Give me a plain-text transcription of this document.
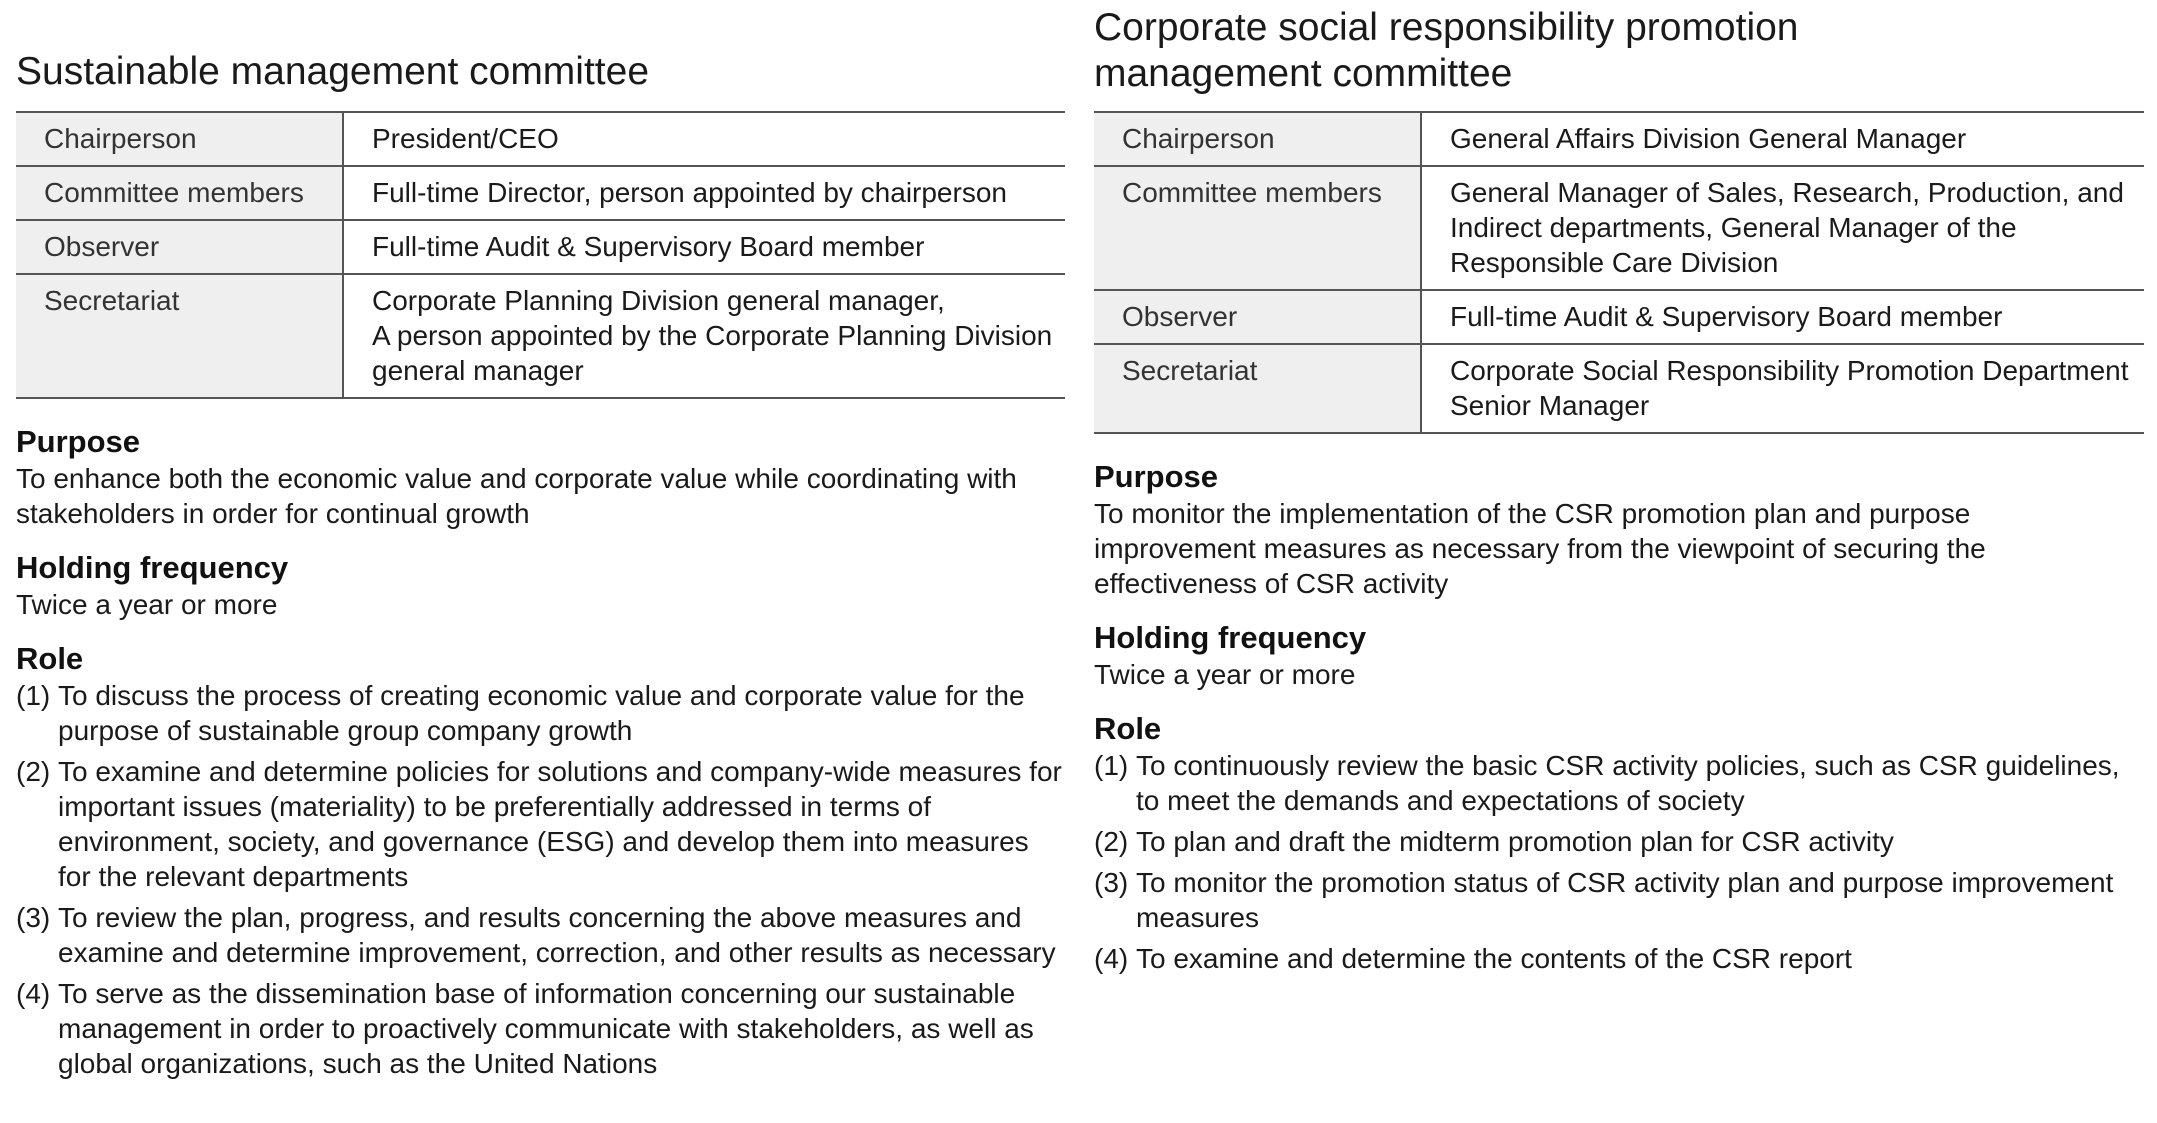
Sustainable management committee
Chairperson	President/CEO
Committee members	Full-time Director, person appointed by chairperson
Observer	Full-time Audit & Supervisory Board member
Secretariat	Corporate Planning Division general manager,
A person appointed by the Corporate Planning Division general manager
Purpose

To enhance both the economic value and corporate value while coordinating with stakeholders in order for continual growth

Holding frequency

Twice a year or more

Role
(1) To discuss the process of creating economic value and corporate value for the purpose of sustainable group company growth
(2) To examine and determine policies for solutions and company-wide measures for important issues (materiality) to be preferentially addressed in terms of environment, society, and governance (ESG) and develop them into measures for the relevant departments
(3) To review the plan, progress, and results concerning the above measures and examine and determine improvement, correction, and other results as necessary
(4) To serve as the dissemination base of information concerning our sustainable management in order to proactively communicate with stakeholders, as well as global organizations, such as the United Nations
Corporate social responsibility promotion management committee
Chairperson	General Affairs Division General Manager
Committee members	General Manager of Sales, Research, Production, and Indirect departments, General Manager of the Responsible Care Division
Observer	Full-time Audit & Supervisory Board member
Secretariat	Corporate Social Responsibility Promotion Department Senior Manager
Purpose

To monitor the implementation of the CSR promotion plan and purpose improvement measures as necessary from the viewpoint of securing the effectiveness of CSR activity

Holding frequency

Twice a year or more

Role
(1) To continuously review the basic CSR activity policies, such as CSR guidelines, to meet the demands and expectations of society
(2) To plan and draft the midterm promotion plan for CSR activity
(3) To monitor the promotion status of CSR activity plan and purpose improvement measures
(4) To examine and determine the contents of the CSR report
